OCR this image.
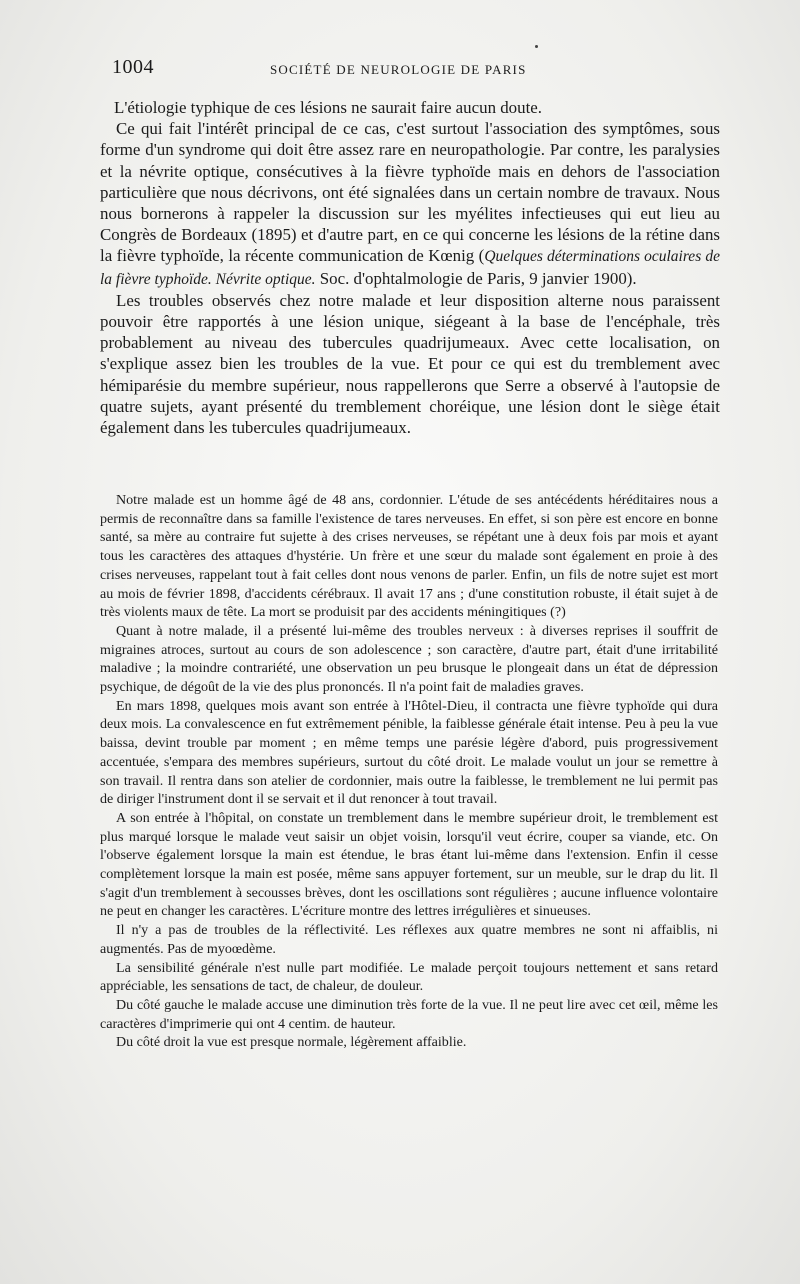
1004	SOCIÉTÉ DE NEUROLOGIE DE PARIS

L'étiologie typhique de ces lésions ne saurait faire aucun doute.

Ce qui fait l'intérêt principal de ce cas, c'est surtout l'association des symptômes, sous forme d'un syndrome qui doit être assez rare en neuropathologie. Par contre, les paralysies et la névrite optique, consécutives à la fièvre typhoïde mais en dehors de l'association particulière que nous décrivons, ont été signalées dans un certain nombre de travaux. Nous nous bornerons à rappeler la discussion sur les myélites infectieuses qui eut lieu au Congrès de Bordeaux (1895) et d'autre part, en ce qui concerne les lésions de la rétine dans la fièvre typhoïde, la récente communication de Kœnig (Quelques déterminations oculaires de la fièvre typhoïde. Névrite optique. Soc. d'ophtalmologie de Paris, 9 janvier 1900).

Les troubles observés chez notre malade et leur disposition alterne nous paraissent pouvoir être rapportés à une lésion unique, siégeant à la base de l'encéphale, très probablement au niveau des tubercules quadrijumeaux. Avec cette localisation, on s'explique assez bien les troubles de la vue. Et pour ce qui est du tremblement avec hémiparésie du membre supérieur, nous rappellerons que Serre a observé à l'autopsie de quatre sujets, ayant présenté du tremblement choréique, une lésion dont le siège était également dans les tubercules quadrijumeaux.

Notre malade est un homme âgé de 48 ans, cordonnier. L'étude de ses antécédents héréditaires nous a permis de reconnaître dans sa famille l'existence de tares nerveuses. En effet, si son père est encore en bonne santé, sa mère au contraire fut sujette à des crises nerveuses, se répétant une à deux fois par mois et ayant tous les caractères des attaques d'hystérie. Un frère et une sœur du malade sont également en proie à des crises nerveuses, rappelant tout à fait celles dont nous venons de parler. Enfin, un fils de notre sujet est mort au mois de février 1898, d'accidents cérébraux. Il avait 17 ans ; d'une constitution robuste, il était sujet à de très violents maux de tête. La mort se produisit par des accidents méningitiques (?)

Quant à notre malade, il a présenté lui-même des troubles nerveux : à diverses reprises il souffrit de migraines atroces, surtout au cours de son adolescence ; son caractère, d'autre part, était d'une irritabilité maladive ; la moindre contrariété, une observation un peu brusque le plongeait dans un état de dépression psychique, de dégoût de la vie des plus prononcés. Il n'a point fait de maladies graves.

En mars 1898, quelques mois avant son entrée à l'Hôtel-Dieu, il contracta une fièvre typhoïde qui dura deux mois. La convalescence en fut extrêmement pénible, la faiblesse générale était intense. Peu à peu la vue baissa, devint trouble par moment ; en même temps une parésie légère d'abord, puis progressivement accentuée, s'empara des membres supérieurs, surtout du côté droit. Le malade voulut un jour se remettre à son travail. Il rentra dans son atelier de cordonnier, mais outre la faiblesse, le tremblement ne lui permit pas de diriger l'instrument dont il se servait et il dut renoncer à tout travail.

A son entrée à l'hôpital, on constate un tremblement dans le membre supérieur droit, le tremblement est plus marqué lorsque le malade veut saisir un objet voisin, lorsqu'il veut écrire, couper sa viande, etc. On l'observe également lorsque la main est étendue, le bras étant lui-même dans l'extension. Enfin il cesse complètement lorsque la main est posée, même sans appuyer fortement, sur un meuble, sur le drap du lit. Il s'agit d'un tremblement à secousses brèves, dont les oscillations sont régulières ; aucune influence volontaire ne peut en changer les caractères. L'écriture montre des lettres irrégulières et sinueuses.

Il n'y a pas de troubles de la réflectivité. Les réflexes aux quatre membres ne sont ni affaiblis, ni augmentés. Pas de myoœdème.

La sensibilité générale n'est nulle part modifiée. Le malade perçoit toujours nettement et sans retard appréciable, les sensations de tact, de chaleur, de douleur.

Du côté gauche le malade accuse une diminution très forte de la vue. Il ne peut lire avec cet œil, même les caractères d'imprimerie qui ont 4 centim. de hauteur.

Du côté droit la vue est presque normale, légèrement affaiblie.
